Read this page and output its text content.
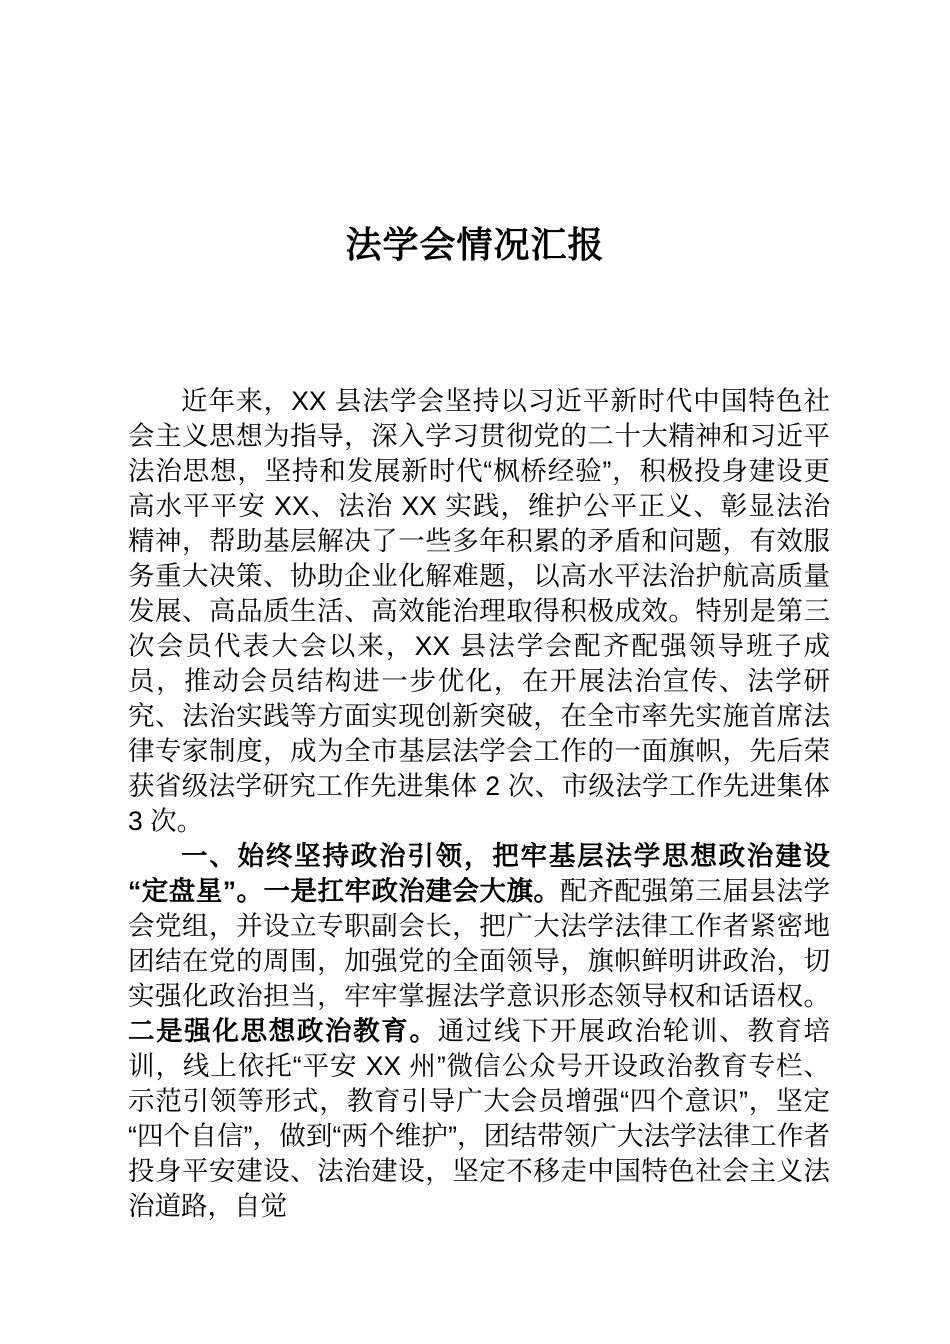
法学会情况汇报

近年来，XX 县法学会坚持以习近平新时代中国特色社会主义思想为指导，深入学习贯彻党的二十大精神和习近平法治思想，坚持和发展新时代“枫桥经验”，积极投身建设更高水平平安 XX、法治 XX 实践，维护公平正义、彰显法治精神，帮助基层解决了一些多年积累的矛盾和问题，有效服务重大决策、协助企业化解难题，以高水平法治护航高质量发展、高品质生活、高效能治理取得积极成效。特别是第三次会员代表大会以来，XX 县法学会配齐配强领导班子成员，推动会员结构进一步优化，在开展法治宣传、法学研究、法治实践等方面实现创新突破，在全市率先实施首席法律专家制度，成为全市基层法学会工作的一面旗帜，先后荣获省级法学研究工作先进集体 2 次、市级法学工作先进集体 3 次。

一、始终坚持政治引领，把牢基层法学思想政治建设“定盘星”。一是扛牢政治建会大旗。配齐配强第三届县法学会党组，并设立专职副会长，把广大法学法律工作者紧密地团结在党的周围，加强党的全面领导，旗帜鲜明讲政治，切实强化政治担当，牢牢掌握法学意识形态领导权和话语权。二是强化思想政治教育。通过线下开展政治轮训、教育培训，线上依托“平安 XX 州”微信公众号开设政治教育专栏、示范引领等形式，教育引导广大会员增强“四个意识”，坚定“四个自信”，做到“两个维护”，团结带领广大法学法律工作者投身平安建设、法治建设，坚定不移走中国特色社会主义法治道路，自觉
